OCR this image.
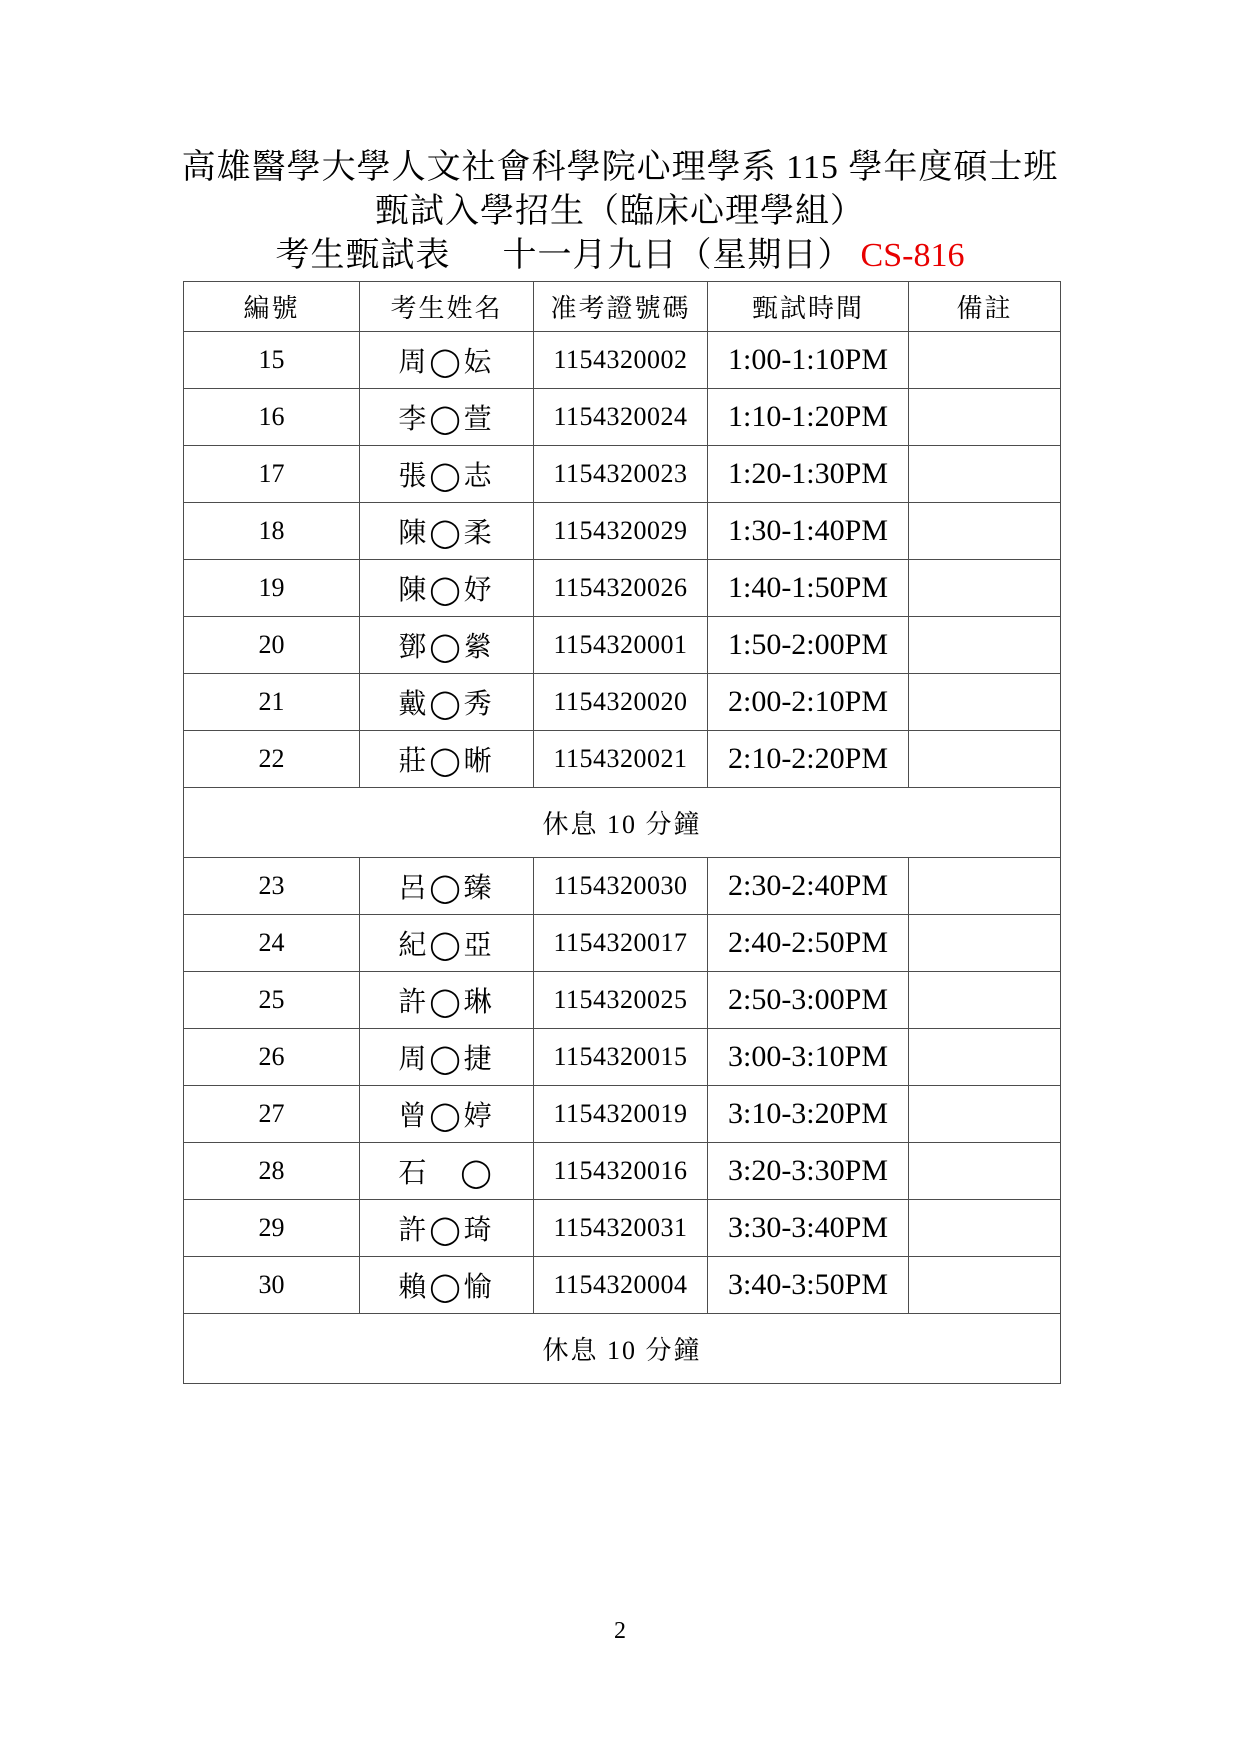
高雄醫學大學人文社會科學院心理學系 115 學年度碩士班
甄試入學招生（臨床心理學組）
考生甄試表 十一月九日（星期日） CS-816
編號	考生姓名	准考證號碼	甄試時間	備註
15	周◯妘	1154320002	1:00-1:10PM	
16	李◯萱	1154320024	1:10-1:20PM	
17	張◯志	1154320023	1:20-1:30PM	
18	陳◯柔	1154320029	1:30-1:40PM	
19	陳◯妤	1154320026	1:40-1:50PM	
20	鄧◯縈	1154320001	1:50-2:00PM	
21	戴◯秀	1154320020	2:00-2:10PM	
22	莊◯晰	1154320021	2:10-2:20PM	
休息 10 分鐘				
23	呂◯臻	1154320030	2:30-2:40PM	
24	紀◯亞	1154320017	2:40-2:50PM	
25	許◯琳	1154320025	2:50-3:00PM	
26	周◯捷	1154320015	3:00-3:10PM	
27	曾◯婷	1154320019	3:10-3:20PM	
28	石　◯	1154320016	3:20-3:30PM	
29	許◯琦	1154320031	3:30-3:40PM	
30	賴◯愉	1154320004	3:40-3:50PM	
休息 10 分鐘				
2
